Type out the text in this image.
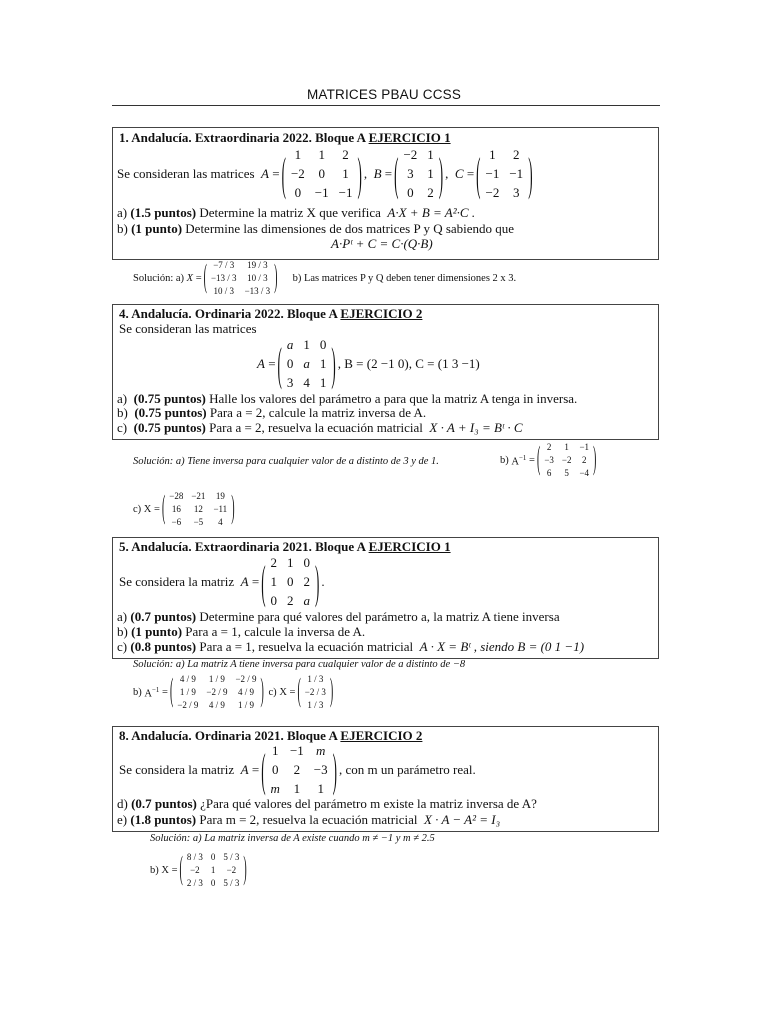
MATRICES PBAU CCSS
1. Andalucía. Extraordinaria 2022. Bloque A EJERCICIO 1
Se consideran las matrices
A = ( 1	1	2
−2	0	1
0	−1	−1 ) , B = ( −2	1
3	1
0	2 ) , C = ( 1	2
−1	−1
−2	3 )
a) (1.5 puntos) Determine la matriz X que verifica A·X + B = A²·C .
b) (1 punto) Determine las dimensiones de dos matrices P y Q sabiendo que
A·Pᵗ + C = C·(Q·B)
Solución: a)
X = ( −7 / 3	19 / 3
−13 / 3	10 / 3
10 / 3	−13 / 3 )
b) Las matrices P y Q deben tener dimensiones 2 x 3.
4. Andalucía. Ordinaria 2022. Bloque A EJERCICIO 2
Se consideran las matrices
A = ( a	1	0
0	a	1
3	4	1 ) , B = (2 −1 0),
C = (1 3 −1)
a)  (0.75 puntos) Halle los valores del parámetro a para que la matriz A tenga in inversa.
b)  (0.75 puntos) Para a = 2, calcule la matriz inversa de A.
c)  (0.75 puntos) Para a = 2, resuelva la ecuación matricial X · A + I₃ = Bᵗ · C
Solución: a) Tiene inversa para cualquier valor de a distinto de 3 y de 1.	b)
$A^{-1}$ = ( 2	1	−1
−3	−2	2
6	5	−4 )
c)
X = ( −28	−21	19
16	12	−11
−6	−5	4 )
5. Andalucía. Extraordinaria 2021. Bloque A EJERCICIO 1
Se considera la matriz
A = ( 2	1	0
1	0	2
0	2	a ) .
a) (0.7 puntos) Determine para qué valores del parámetro a, la matriz A tiene inversa
b) (1 punto) Para a = 1, calcule la inversa de A.
c) (0.8 puntos) Para a = 1, resuelva la ecuación matricial A · X = Bᵗ , siendo B = (0 1 −1)
Solución: a) La matriz A tiene inversa para cualquier valor de a distinto de −8
b)
$A^{-1}$ = ( 4 / 9	1 / 9	−2 / 9
1 / 9	−2 / 9	4 / 9
−2 / 9	4 / 9	1 / 9 )
c)
X = ( 1 / 3
−2 / 3
1 / 3 )
8. Andalucía. Ordinaria 2021. Bloque A EJERCICIO 2
Se considera la matriz
A = ( 1	−1	m
0	2	−3
m	1	1 ) , con m un parámetro real.
d) (0.7 puntos) ¿Para qué valores del parámetro m existe la matriz inversa de A?
e) (1.8 puntos) Para m = 2, resuelva la ecuación matricial X · A − A² = I₃
Solución: a) La matriz inversa de A existe cuando m ≠ −1 y m ≠ 2.5
b)
X = ( 8 / 3	0	5 / 3
−2	1	−2
2 / 3	0	5 / 3 )
